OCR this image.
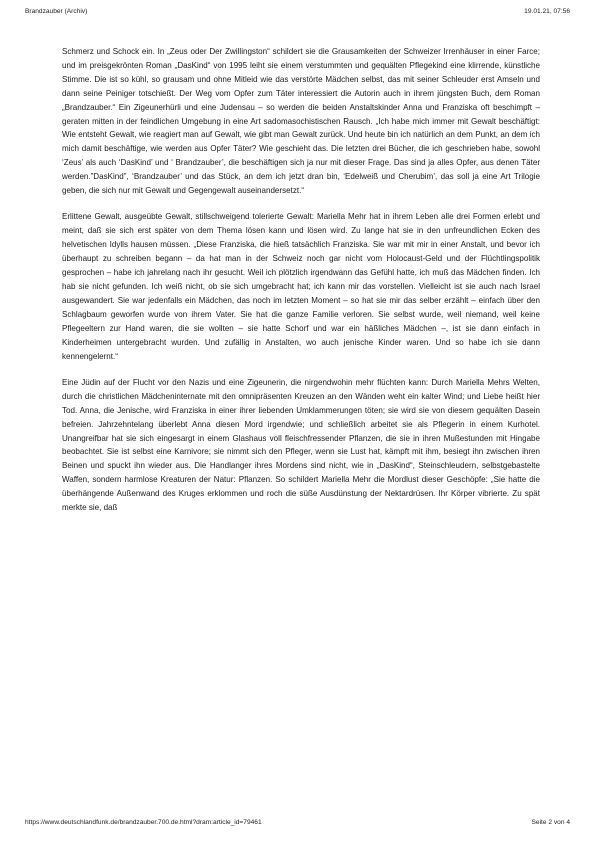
Brandzauber (Archiv)	19.01.21, 07:56

Schmerz und Schock ein. In „Zeus oder Der Zwillingston“ schildert sie die Grausamkeiten der Schweizer Irrenhäuser in einer Farce; und im preisgekrönten Roman „DasKind“ von 1995 leiht sie einem verstummten und gequälten Pflegekind eine klirrende, künstliche Stimme. Die ist so kühl, so grausam und ohne Mitleid wie das verstörte Mädchen selbst, das mit seiner Schleuder erst Amseln und dann seine Peiniger totschießt. Der Weg vom Opfer zum Täter interessiert die Autorin auch in ihrem jüngsten Buch, dem Roman „Brandzauber.“ Ein Zigeunerhürli und eine Judensau – so werden die beiden Anstaltskinder Anna und Franziska oft beschimpft – geraten mitten in der feindlichen Umgebung in eine Art sadomasochistischen Rausch. „Ich habe mich immer mit Gewalt beschäftigt: Wie entsteht Gewalt, wie reagiert man auf Gewalt, wie gibt man Gewalt zurück. Und heute bin ich natürlich an dem Punkt, an dem ich mich damit beschäftige, wie werden aus Opfer Täter? Wie geschieht das. Die letzten drei Bücher, die ich geschrieben habe, sowohl ‘Zeus’ als auch ‘DasKind’ und ‘ Brandzauber’, die beschäftigen sich ja nur mit dieser Frage. Das sind ja alles Opfer, aus denen Täter werden.”DasKind”, ‘Brandzauber’ und das Stück, an dem ich jetzt dran bin, ‘Edelweiß und Cherubim’, das soll ja eine Art Trilogie geben, die sich nur mit Gewalt und Gegengewalt auseinandersetzt.“

Erlittene Gewalt, ausgeübte Gewalt, stillschweigend tolerierte Gewalt: Mariella Mehr hat in ihrem Leben alle drei Formen erlebt und meint, daß sie sich erst später von dem Thema lösen kann und lösen wird. Zu lange hat sie in den unfreundlichen Ecken des helvetischen Idylls hausen müssen. „Diese Franziska, die hieß tatsächlich Franziska. Sie war mit mir in einer Anstalt, und bevor ich überhaupt zu schreiben begann – da hat man in der Schweiz noch gar nicht vom Holocaust-Geld und der Flüchtlingspolitik gesprochen – habe ich jahrelang nach ihr gesucht. Weil ich plötzlich irgendwann das Gefühl hatte, ich muß das Mädchen finden. Ich hab sie nicht gefunden. Ich weiß nicht, ob sie sich umgebracht hat; ich kann mir das vorstellen. Vielleicht ist sie auch nach Israel ausgewandert. Sie war jedenfalls ein Mädchen, das noch im letzten Moment – so hat sie mir das selber erzählt – einfach über den Schlagbaum geworfen wurde von ihrem Vater. Sie hat die ganze Familie verloren. Sie selbst wurde, weil niemand, weil keine Pflegeeltern zur Hand waren, die sie wollten – sie hatte Schorf und war ein häßliches Mädchen –, ist sie dann einfach in Kinderheimen untergebracht wurden. Und zufällig in Anstalten, wo auch jenische Kinder waren. Und so habe ich sie dann kennengelernt.“

Eine Jüdin auf der Flucht vor den Nazis und eine Zigeunerin, die nirgendwohin mehr flüchten kann: Durch Mariella Mehrs Welten, durch die christlichen Mädcheninternate mit den omnipräsenten Kreuzen an den Wänden weht ein kalter Wind; und Liebe heißt hier Tod. Anna, die Jenische, wird Franziska in einer ihrer liebenden Umklammerungen töten; sie wird sie von diesem gequälten Dasein befreien. Jahrzehntelang überlebt Anna diesen Mord irgendwie; und schließlich arbeitet sie als Pflegerin in einem Kurhotel. Unangreifbar hat sie sich eingesargt in einem Glashaus voll fleischfressender Pflanzen, die sie in ihren Mußestunden mit Hingabe beobachtet. Sie ist selbst eine Karnivore; sie nimmt sich den Pfleger, wenn sie Lust hat, kämpft mit ihm, besiegt ihn zwischen ihren Beinen und spuckt ihn wieder aus. Die Handlanger ihres Mordens sind nicht, wie in „DasKind“, Steinschleudern, selbstgebastelte Waffen, sondern harmlose Kreaturen der Natur: Pflanzen. So schildert Mariella Mehr die Mordlust dieser Geschöpfe: „Sie hatte die überhängende Außenwand des Kruges erklommen und roch die süße Ausdünstung der Nektardrüsen. Ihr Körper vibrierte. Zu spät merkte sie, daß

https://www.deutschlandfunk.de/brandzauber.700.de.html?dram:article_id=79461	Seite 2 von 4
